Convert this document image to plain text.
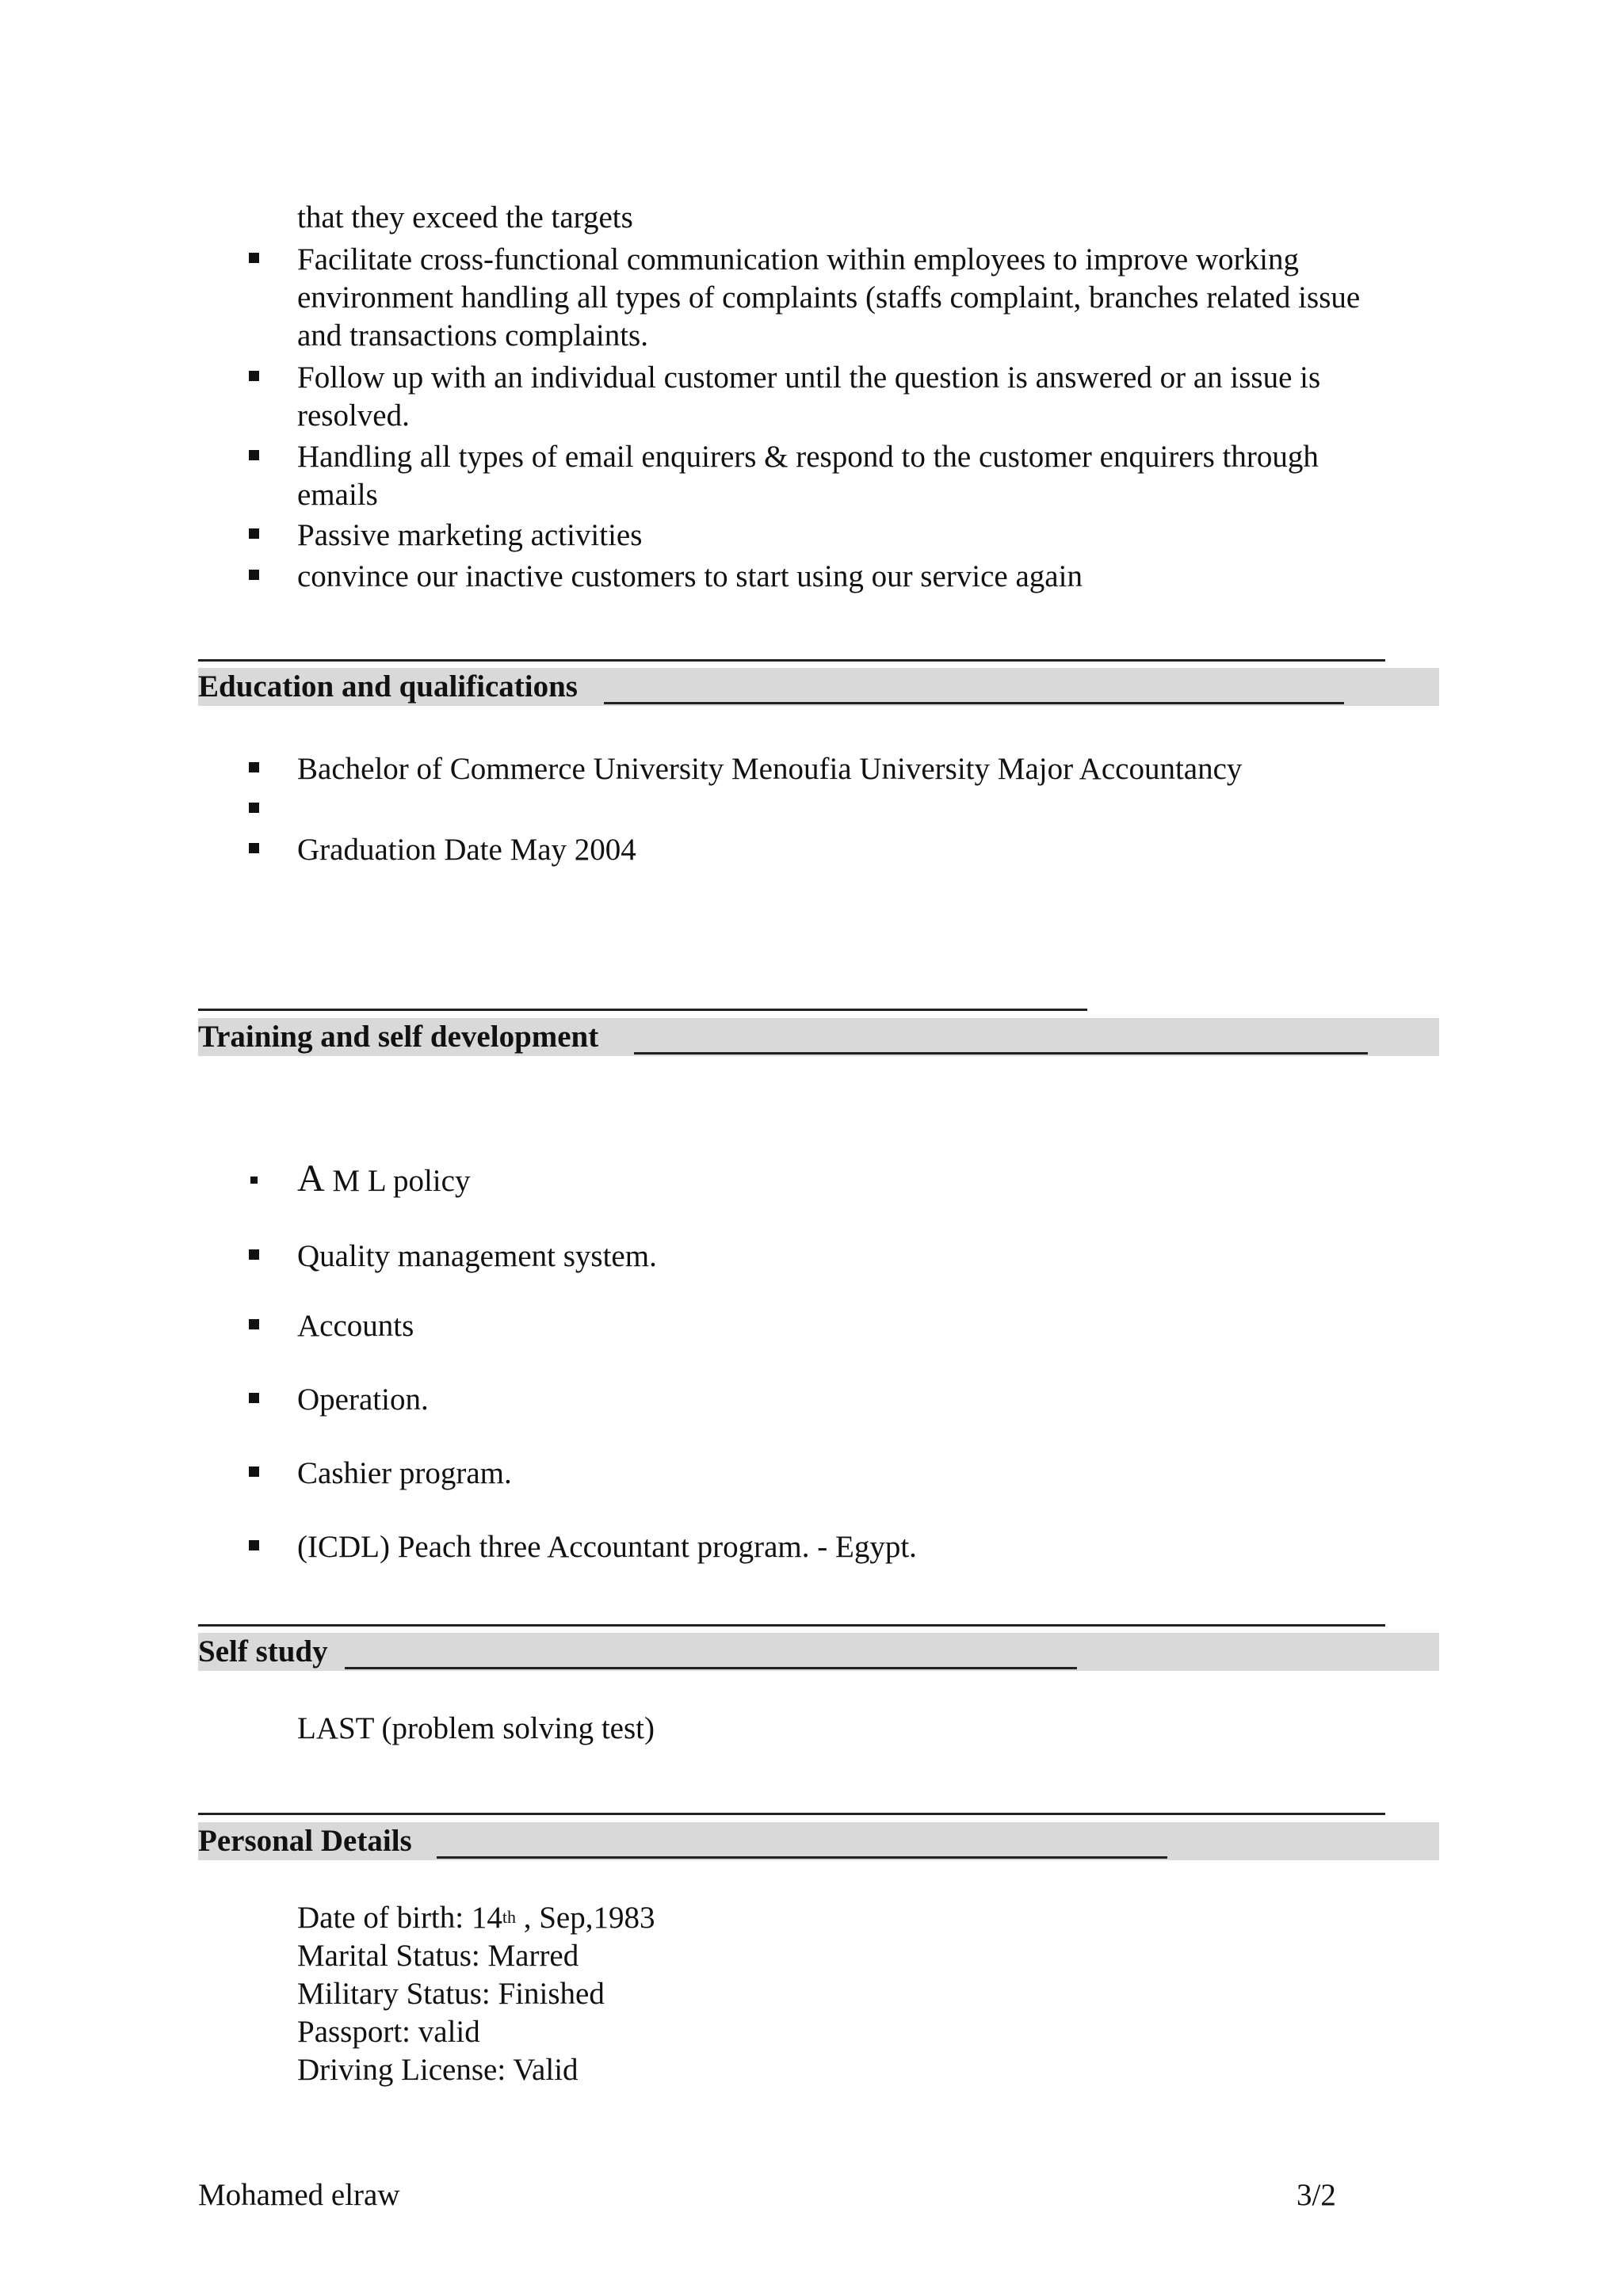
that they exceed the targets
Facilitate cross-functional communication within employees to improve working
environment handling all types of complaints (staffs complaint, branches related issue
and transactions complaints.
Follow up with an individual customer until the question is answered or an issue is
resolved.
Handling all types of email enquirers & respond to the customer enquirers through
emails
Passive marketing activities
convince our inactive customers to start using our service again
Education and qualifications
Bachelor of Commerce University Menoufia University Major Accountancy
Graduation Date May 2004
Training and self development
A M L policy
Quality management system.
Accounts
Operation.
Cashier program.
(ICDL) Peach three Accountant program. - Egypt.
Self study
LAST (problem solving test)
Personal Details
Date of birth: 14th , Sep,1983
Marital Status: Marred
Military Status: Finished
Passport: valid
Driving License: Valid
Mohamed elraw	3/2
